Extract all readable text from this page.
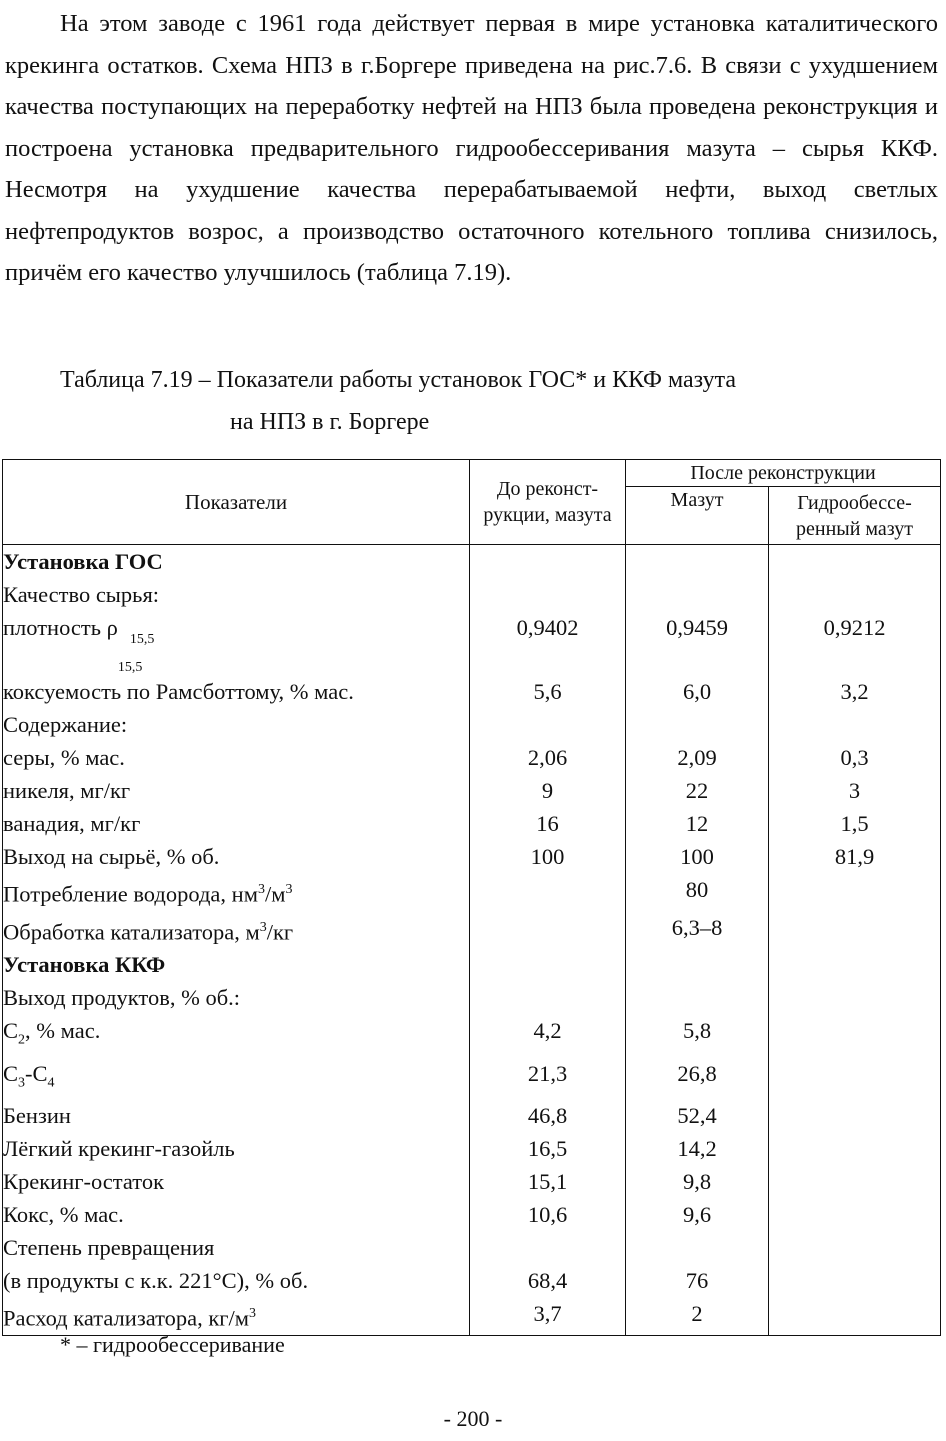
На этом заводе с 1961 года действует первая в мире установка каталитического крекинга остатков. Схема НПЗ в г.Боргере приведена на рис.7.6. В связи с ухудшением качества поступающих на переработку нефтей на НПЗ была проведена реконструкция и построена установка предварительного гидрообессеривания мазута – сырья ККФ. Несмотря на ухудшение качества перерабатываемой нефти, выход светлых нефтепродуктов возрос, а производство остаточного котельного топлива снизилось, причём его качество улучшилось (таблица 7.19).

Таблица 7.19 – Показатели работы установок ГОС* и ККФ мазута
на НПЗ в г. Боргере
Показатели	До реконст- рукции, мазута	После реконструкции	
		Мазут	Гидрообессе- ренный мазут
Установка ГОС			
Качество сырья:			
плотность ρ 15,5
15,5	0,9402	0,9459	0,9212
коксуемость по Рамсботтому, % мас.	5,6	6,0	3,2
Содержание:			
серы, % мас.	2,06	2,09	0,3
никеля, мг/кг	9	22	3
ванадия, мг/кг	16	12	1,5
Выход на сырьё, % об.	100	100	81,9
Потребление водорода, $нм^3/м^3$		80	
Обработка катализатора, $м^3/кг$		6,3–8	
Установка ККФ			
Выход продуктов, % об.:			
$С_2$, % мас.	4,2	5,8	
$С_3-С_4$	21,3	26,8	
Бензин	46,8	52,4	
Лёгкий крекинг-газойль	16,5	14,2	
Крекинг-остаток	15,1	9,8	
Кокс, % мас.	10,6	9,6	
Степень превращения			
(в продукты с к.к. 221°С), % об.	68,4	76	
Расход катализатора, $кг/м^3$	3,7	2	
* – гидрообессеривание
- 200 -
